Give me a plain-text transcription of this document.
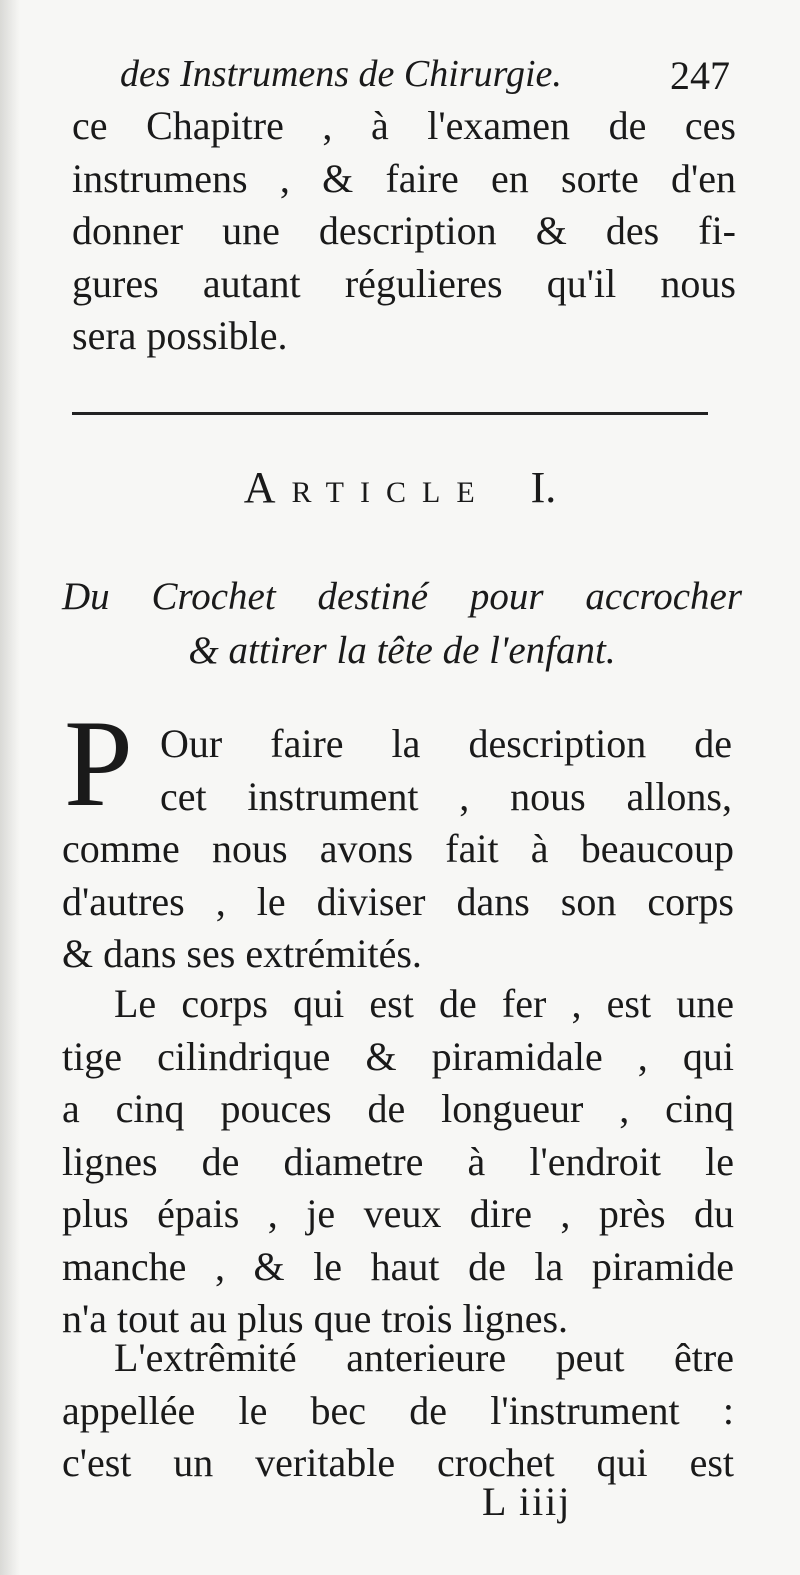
des Instrumens de Chirurgie.	247
ce Chapitre , à l'examen de ces
instrumens , & faire en sorte d'en
donner une description & des fi-
gures autant régulieres qu'il nous
sera possible.
ARTICLE I.
Du Crochet destiné pour accrocher
& attirer la tête de l'enfant.
P Our faire la description de
cet instrument , nous allons,
comme nous avons fait à beaucoup
d'autres , le diviser dans son corps
& dans ses extrémités.
Le corps qui est de fer , est une
tige cilindrique & piramidale , qui
a cinq pouces de longueur , cinq
lignes de diametre à l'endroit le
plus épais , je veux dire , près du
manche , & le haut de la piramide
n'a tout au plus que trois lignes.
L'extrêmité anterieure peut être
appellée le bec de l'instrument :
c'est un veritable crochet qui est
L iiij
